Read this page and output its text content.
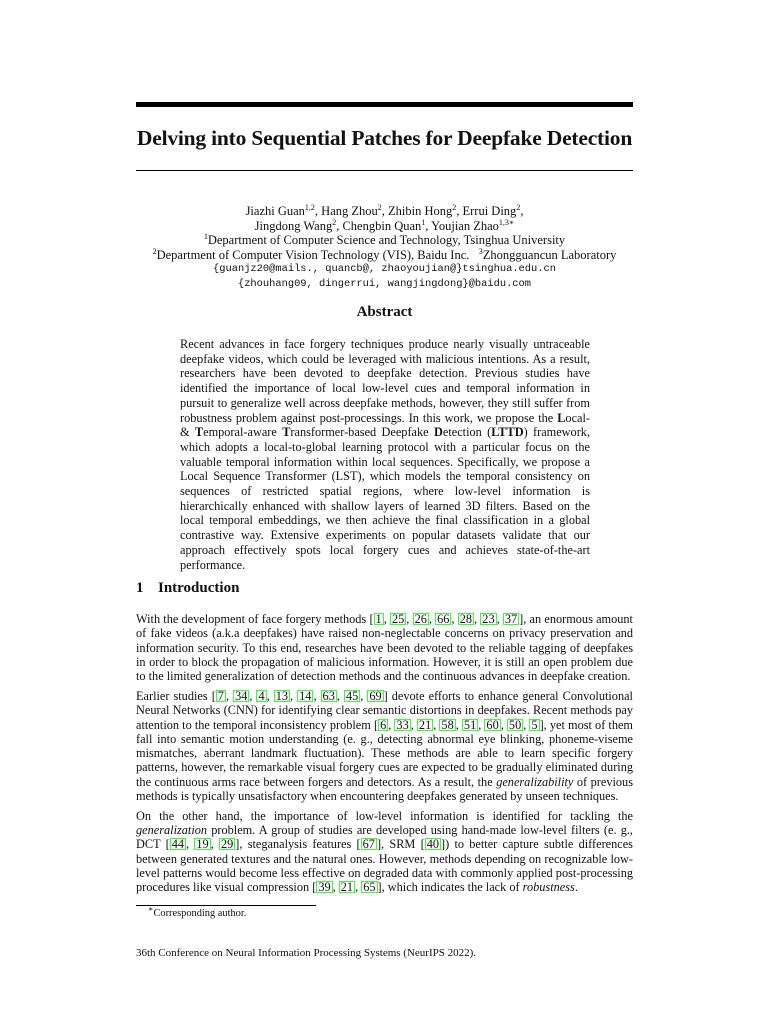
Delving into Sequential Patches for Deepfake Detection
Jiazhi Guan$^{1,2}$, Hang Zhou$^2$, Zhibin Hong$^2$, Errui Ding$^2$,
Jingdong Wang$^2$, Chengbin Quan$^1$, Youjian Zhao$^{1,3∗}$
$^1$Department of Computer Science and Technology, Tsinghua University
$^2$Department of Computer Vision Technology (VIS), Baidu Inc. $^3$Zhongguancun Laboratory
{guanjz20@mails., quancb@, zhaoyoujian@}tsinghua.edu.cn
{zhouhang09, dingerrui, wangjingdong}@baidu.com
Abstract

Recent advances in face forgery techniques produce nearly visually untraceable deepfake videos, which could be leveraged with malicious intentions. As a result, researchers have been devoted to deepfake detection. Previous studies have identified the importance of local low-level cues and temporal information in pursuit to generalize well across deepfake methods, however, they still suffer from robustness problem against post-processings. In this work, we propose the Local-& Temporal-aware Transformer-based Deepfake Detection (LTTD) framework, which adopts a local-to-global learning protocol with a particular focus on the valuable temporal information within local sequences. Specifically, we propose a Local Sequence Transformer (LST), which models the temporal consistency on sequences of restricted spatial regions, where low-level information is hierarchically enhanced with shallow layers of learned 3D filters. Based on the local temporal embeddings, we then achieve the final classification in a global contrastive way. Extensive experiments on popular datasets validate that our approach effectively spots local forgery cues and achieves state-of-the-art performance.

1 Introduction

With the development of face forgery methods [ 1 , 25 , 26 , 66 , 28 , 23 , 37 ], an enormous amount of fake videos (a.k.a deepfakes) have raised non-neglectable concerns on privacy preservation and information security. To this end, researches have been devoted to the reliable tagging of deepfakes in order to block the propagation of malicious information. However, it is still an open problem due to the limited generalization of detection methods and the continuous advances in deepfake creation.

Earlier studies [ 7 , 34 , 4 , 13 , 14 , 63 , 45 , 69 ] devote efforts to enhance general Convolutional Neural Networks (CNN) for identifying clear semantic distortions in deepfakes. Recent methods pay attention to the temporal inconsistency problem [ 6 , 33 , 21 , 58 , 51 , 60 , 50 , 5 ], yet most of them fall into semantic motion understanding (e. g., detecting abnormal eye blinking, phoneme-viseme mismatches, aberrant landmark fluctuation). These methods are able to learn specific forgery patterns, however, the remarkable visual forgery cues are expected to be gradually eliminated during the continuous arms race between forgers and detectors. As a result, the generalizability of previous methods is typically unsatisfactory when encountering deepfakes generated by unseen techniques.

On the other hand, the importance of low-level information is identified for tackling the generalization problem. A group of studies are developed using hand-made low-level filters (e. g., DCT [ 44 , 19 , 29 ], steganalysis features [ 67 ], SRM [ 40 ]) to better capture subtle differences between generated textures and the natural ones. However, methods depending on recognizable low-level patterns would become less effective on degraded data with commonly applied post-processing procedures like visual compression [ 39 , 21 , 65 ], which indicates the lack of robustness.

∗Corresponding author.
36th Conference on Neural Information Processing Systems (NeurIPS 2022).
